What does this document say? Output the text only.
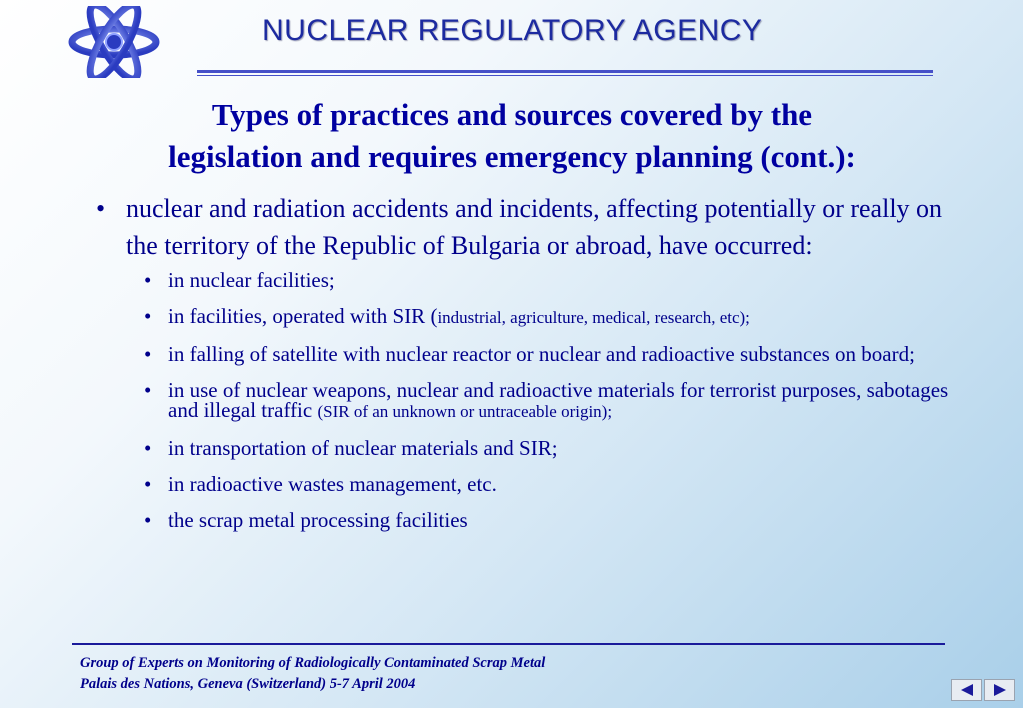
NUCLEAR REGULATORY AGENCY
Types of practices and sources covered by the
legislation and requires emergency planning (cont.):
• nuclear and radiation accidents and incidents, affecting potentially or really on the territory of the Republic of Bulgaria or abroad, have occurred:
• in nuclear facilities;
• in facilities, operated with SIR (industrial, agriculture, medical, research, etc);
• in falling of satellite with nuclear reactor or nuclear and radioactive substances on board;
• in use of nuclear weapons, nuclear and radioactive materials for terrorist purposes, sabotages and illegal traffic (SIR of an unknown or untraceable origin);
• in transportation of nuclear materials and SIR;
• in radioactive wastes management, etc.
• the scrap metal processing facilities
Group of Experts on Monitoring of Radiologically Contaminated Scrap Metal
Palais des Nations, Geneva (Switzerland) 5-7 April 2004
